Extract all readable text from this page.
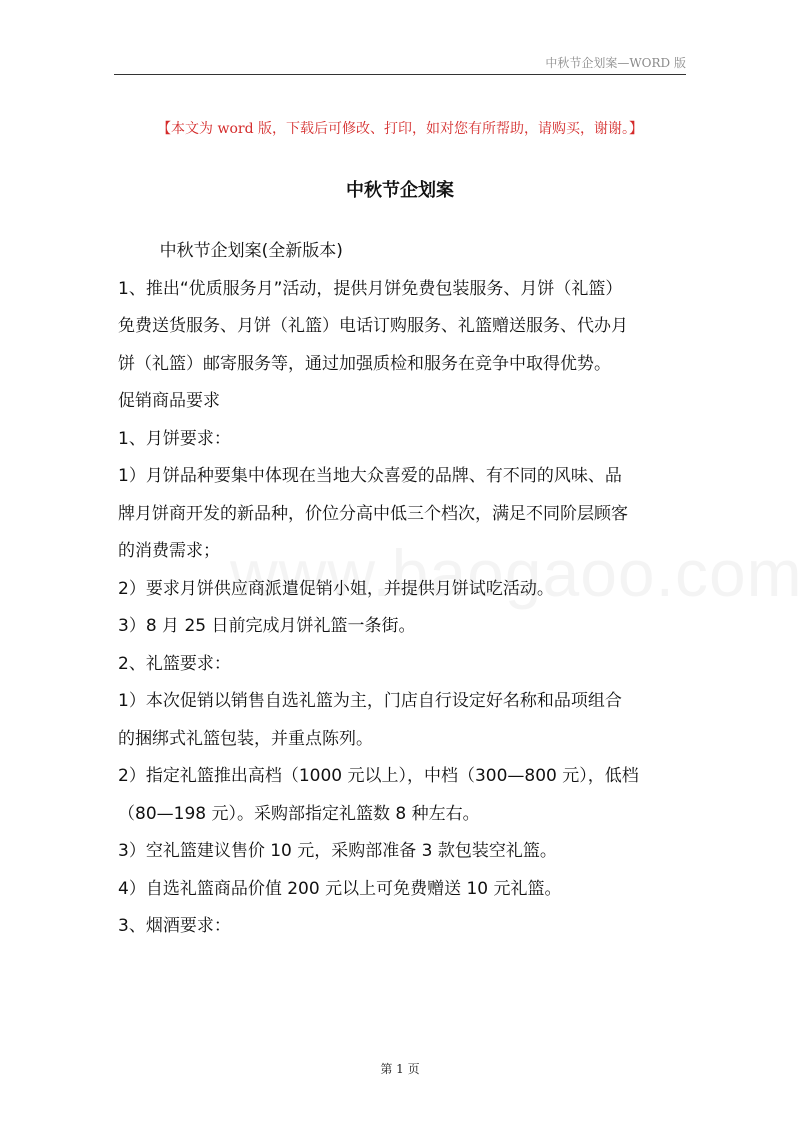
中秋节企划案—WORD 版
【本文为 word 版，下载后可修改、打印，如对您有所帮助，请购买，谢谢。】
中秋节企划案

中秋节企划案(全新版本)

1、推出“优质服务月”活动，提供月饼免费包装服务、月饼（礼篮）

免费送货服务、月饼（礼篮）电话订购服务、礼篮赠送服务、代办月

饼（礼篮）邮寄服务等，通过加强质检和服务在竞争中取得优势。

促销商品要求

1、月饼要求：

1）月饼品种要集中体现在当地大众喜爱的品牌、有不同的风味、品

牌月饼商开发的新品种，价位分高中低三个档次，满足不同阶层顾客

的消费需求；

2）要求月饼供应商派遣促销小姐，并提供月饼试吃活动。

3）8 月 25 日前完成月饼礼篮一条街。

2、礼篮要求：

1）本次促销以销售自选礼篮为主，门店自行设定好名称和品项组合

的捆绑式礼篮包装，并重点陈列。

2）指定礼篮推出高档（1000 元以上），中档（300—800 元），低档

（80—198 元）。采购部指定礼篮数 8 种左右。

3）空礼篮建议售价 10 元，采购部准备 3 款包装空礼篮。

4）自选礼篮商品价值 200 元以上可免费赠送 10 元礼篮。

3、烟酒要求：

第 1 页
